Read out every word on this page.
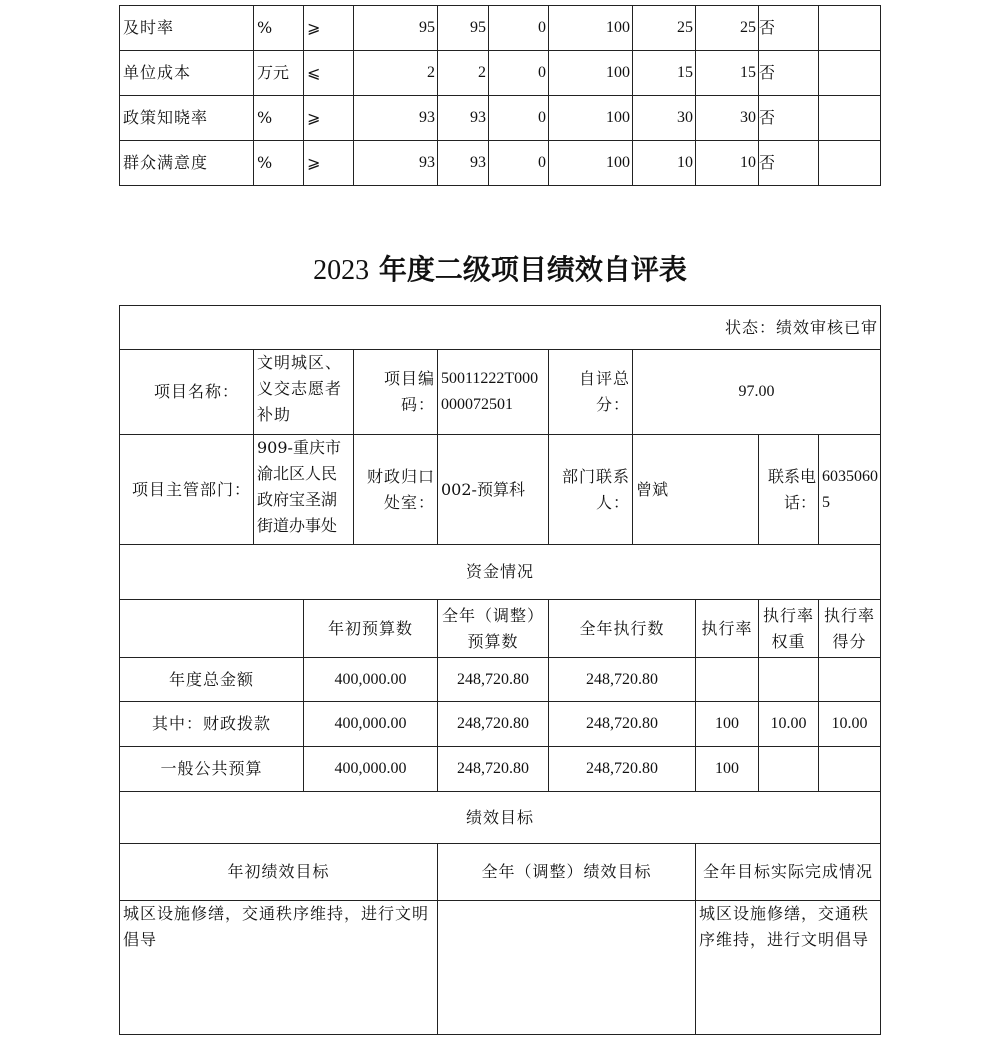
及时率	%	⩾	95	95	0	100	25	25	否	
单位成本	万元	⩽	2	2	0	100	15	15	否	
政策知晓率	%	⩾	93	93	0	100	30	30	否	
群众满意度	%	⩾	93	93	0	100	10	10	否	
2023 年度二级项目绩效自评表
状态：绩效审核已审									
项目名称：	文明城区、义交志愿者补助		项目编码：	50011222T000000072501	自评总分：	97.00			
项目主管部门：	909-重庆市渝北区人民政府宝圣湖街道办事处		财政归口处室：	002-预算科	部门联系人：	曾斌		联系电话：	60350605
资金情况									
		年初预算数		全年（调整）预算数	全年执行数		执行率	执行率权重	执行率得分
年度总金额		400,000.00		248,720.80	248,720.80				
其中：财政拨款		400,000.00		248,720.80	248,720.80		100	10.00	10.00
一般公共预算		400,000.00		248,720.80	248,720.80		100		
绩效目标									
年初绩效目标				全年（调整）绩效目标			全年目标实际完成情况		
城区设施修缮，交通秩序维持，进行文明倡导							城区设施修缮，交通秩序维持，进行文明倡导		
